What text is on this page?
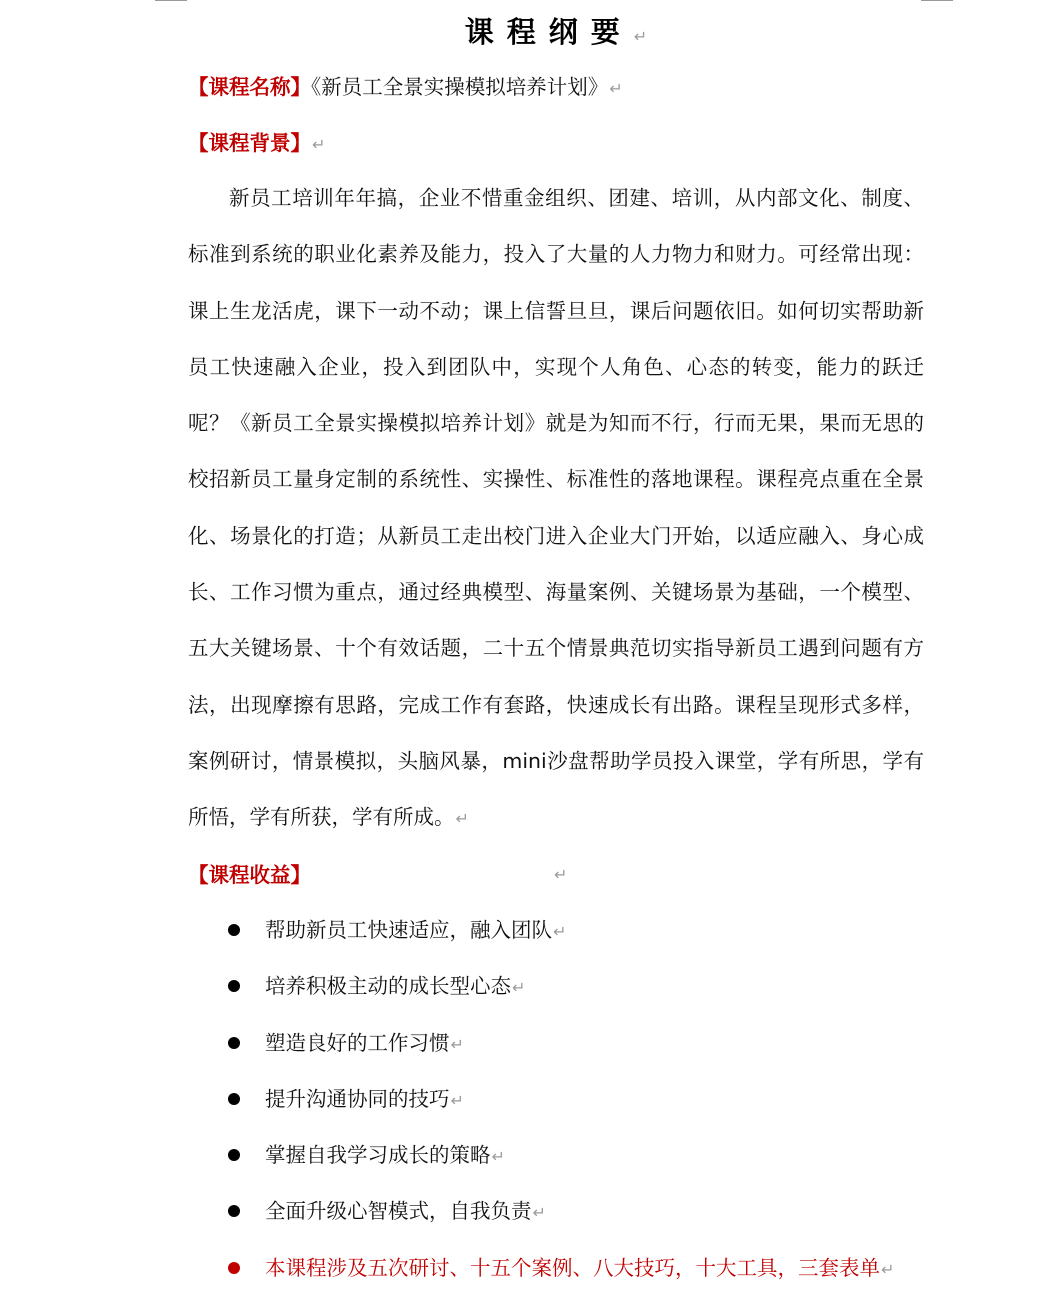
课程纲要↵
【课程名称】《新员工全景实操模拟培养计划》↵
【课程背景】↵
新员工培训年年搞，企业不惜重金组织、团建、培训，从内部文化、制度、标准到系统的职业化素养及能力，投入了大量的人力物力和财力。可经常出现：课上生龙活虎，课下一动不动；课上信誓旦旦，课后问题依旧。如何切实帮助新员工快速融入企业，投入到团队中，实现个人角色、心态的转变，能力的跃迁呢？《新员工全景实操模拟培养计划》就是为知而不行，行而无果，果而无思的校招新员工量身定制的系统性、实操性、标准性的落地课程。课程亮点重在全景化、场景化的打造；从新员工走出校门进入企业大门开始，以适应融入、身心成长、工作习惯为重点，通过经典模型、海量案例、关键场景为基础，一个模型、五大关键场景、十个有效话题，二十五个情景典范切实指导新员工遇到问题有方法，出现摩擦有思路，完成工作有套路，快速成长有出路。课程呈现形式多样，案例研讨，情景模拟，头脑风暴，mini沙盘帮助学员投入课堂，学有所思，学有所悟，学有所获，学有所成。↵
【课程收益】	↵
帮助新员工快速适应，融入团队↵
培养积极主动的成长型心态↵
塑造良好的工作习惯↵
提升沟通协同的技巧↵
掌握自我学习成长的策略↵
全面升级心智模式，自我负责↵
本课程涉及五次研讨、十五个案例、八大技巧，十大工具，三套表单↵
